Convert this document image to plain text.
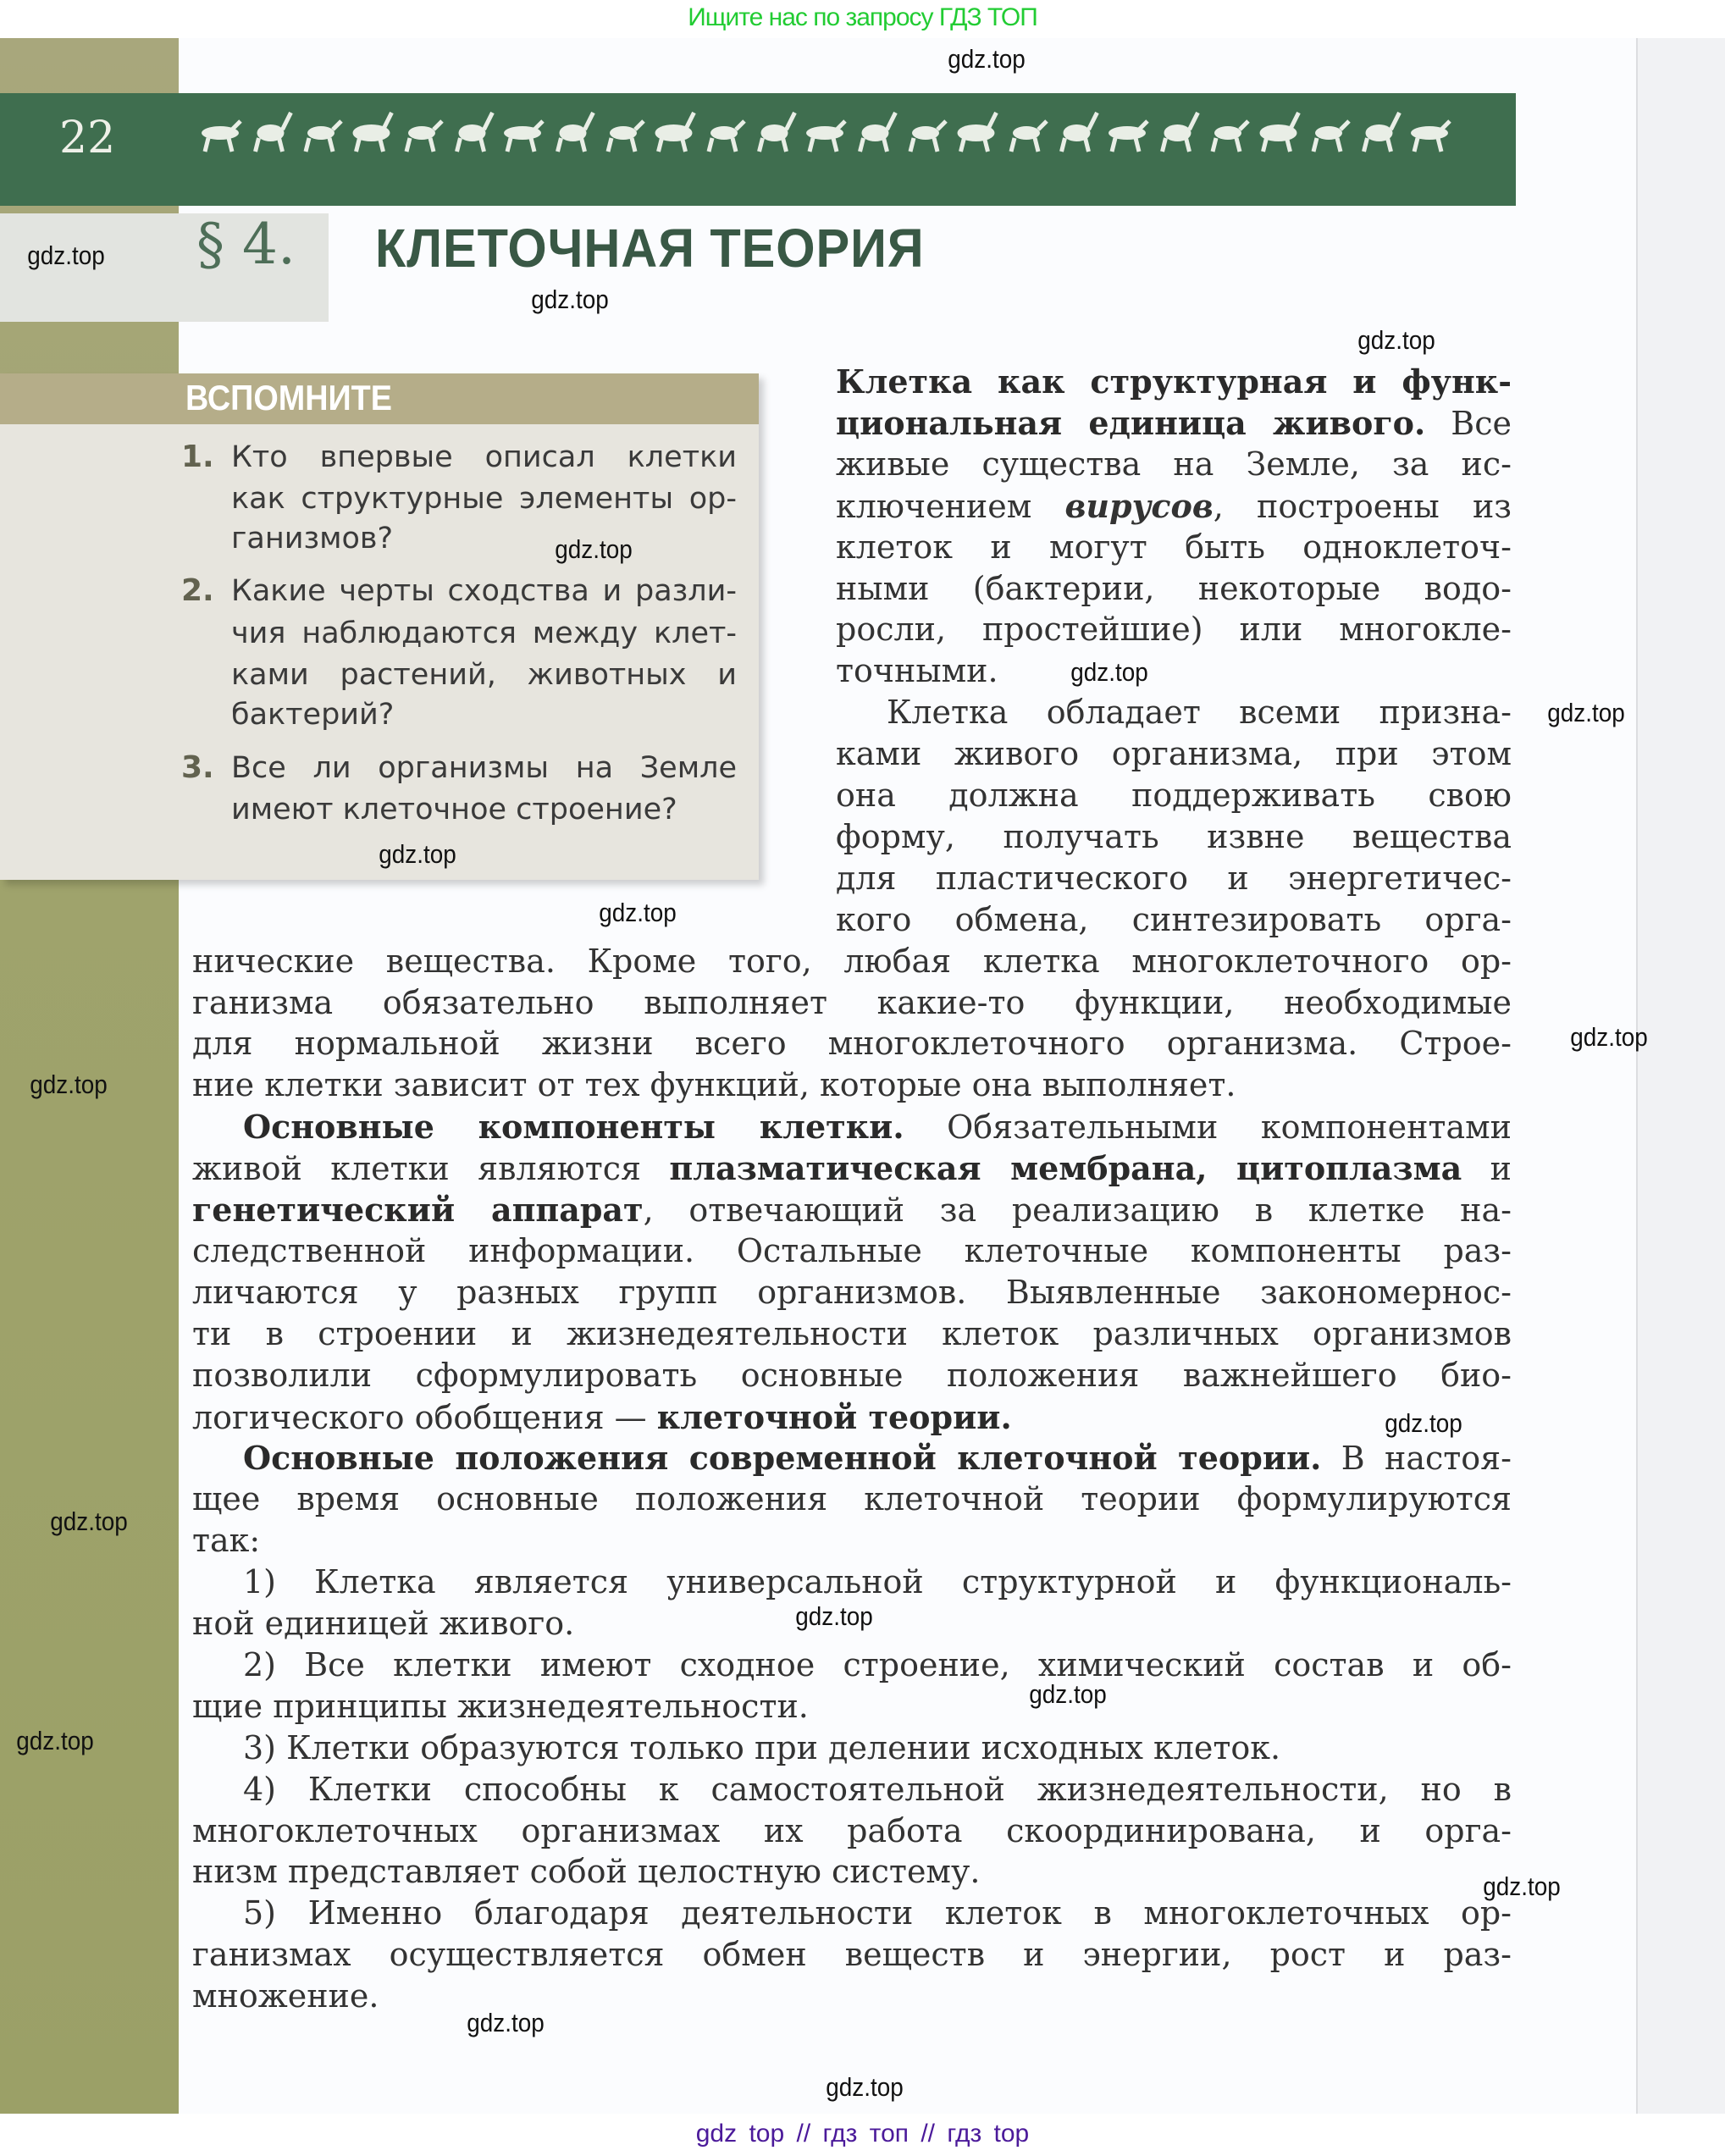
Ищите нас по запросу ГДЗ ТОП
22
§ 4. КЛЕТОЧНАЯ ТЕОРИЯ
ВСПОМНИТЕ
1. Кто впервые описал клетки
как структурные элементы ор-
ганизмов?
2. Какие черты сходства и разли-
чия наблюдаются между клет-
ками растений, животных и
бактерий?
3. Все ли организмы на Земле
имеют клеточное строение?
Клетка как структурная и функ-
циональная единица живого. Все
живые существа на Земле, за ис-
ключением вирусов, построены из
клеток и могут быть одноклеточ-
ными (бактерии, некоторые водо-
росли, простейшие) или многокле-
точными.
Клетка обладает всеми призна-
ками живого организма, при этом
она должна поддерживать свою
форму, получать извне вещества
для пластического и энергетичес-
кого обмена, синтезировать орга-
нические вещества. Кроме того, любая клетка многоклеточного ор-
ганизма обязательно выполняет какие-то функции, необходимые
для нормальной жизни всего многоклеточного организма. Строе-
ние клетки зависит от тех функций, которые она выполняет.
Основные компоненты клетки. Обязательными компонентами
живой клетки являются плазматическая мембрана, цитоплазма и
генетический аппарат, отвечающий за реализацию в клетке на-
следственной информации. Остальные клеточные компоненты раз-
личаются у разных групп организмов. Выявленные закономернос-
ти в строении и жизнедеятельности клеток различных организмов
позволили сформулировать основные положения важнейшего био-
логического обобщения — клеточной теории.
Основные положения современной клеточной теории. В настоя-
щее время основные положения клеточной теории формулируются
так:
1) Клетка является универсальной структурной и функциональ-
ной единицей живого.
2) Все клетки имеют сходное строение, химический состав и об-
щие принципы жизнедеятельности.
3) Клетки образуются только при делении исходных клеток.
4) Клетки способны к самостоятельной жизнедеятельности, но в
многоклеточных организмах их работа скоординирована, и орга-
низм представляет собой целостную систему.
5) Именно благодаря деятельности клеток в многоклеточных ор-
ганизмах осуществляется обмен веществ и энергии, рост и раз-
множение.
gdz.top
gdz.top
gdz.top
gdz.top
gdz.top
gdz.top
gdz.top
gdz.top
gdz.top
gdz.top
gdz.top
gdz.top
gdz.top
gdz.top
gdz.top
gdz.top
gdz.top
gdz.top
gdz.top
gdz top // гдз топ // гдз top
